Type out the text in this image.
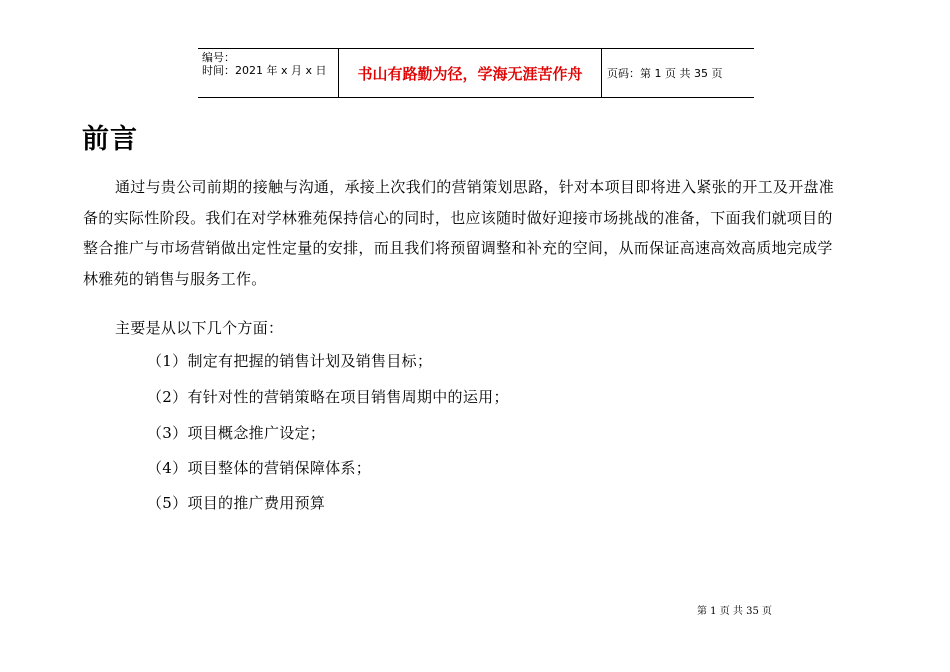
编号：
时间：2021 年 x 月 x 日	书山有路勤为径，学海无涯苦作舟	页码：第 1 页 共 35 页
前言
通过与贵公司前期的接触与沟通，承接上次我们的营销策划思路，针对本项目即将进入紧张的开工及开盘准
备的实际性阶段。我们在对学林雅苑保持信心的同时，也应该随时做好迎接市场挑战的准备，下面我们就项目的
整合推广与市场营销做出定性定量的安排，而且我们将预留调整和补充的空间，从而保证高速高效高质地完成学
林雅苑的销售与服务工作。
主要是从以下几个方面：
（1）制定有把握的销售计划及销售目标；
（2）有针对性的营销策略在项目销售周期中的运用；
（3）项目概念推广设定；
（4）项目整体的营销保障体系；
（5）项目的推广费用预算
第 1 页 共 35 页
